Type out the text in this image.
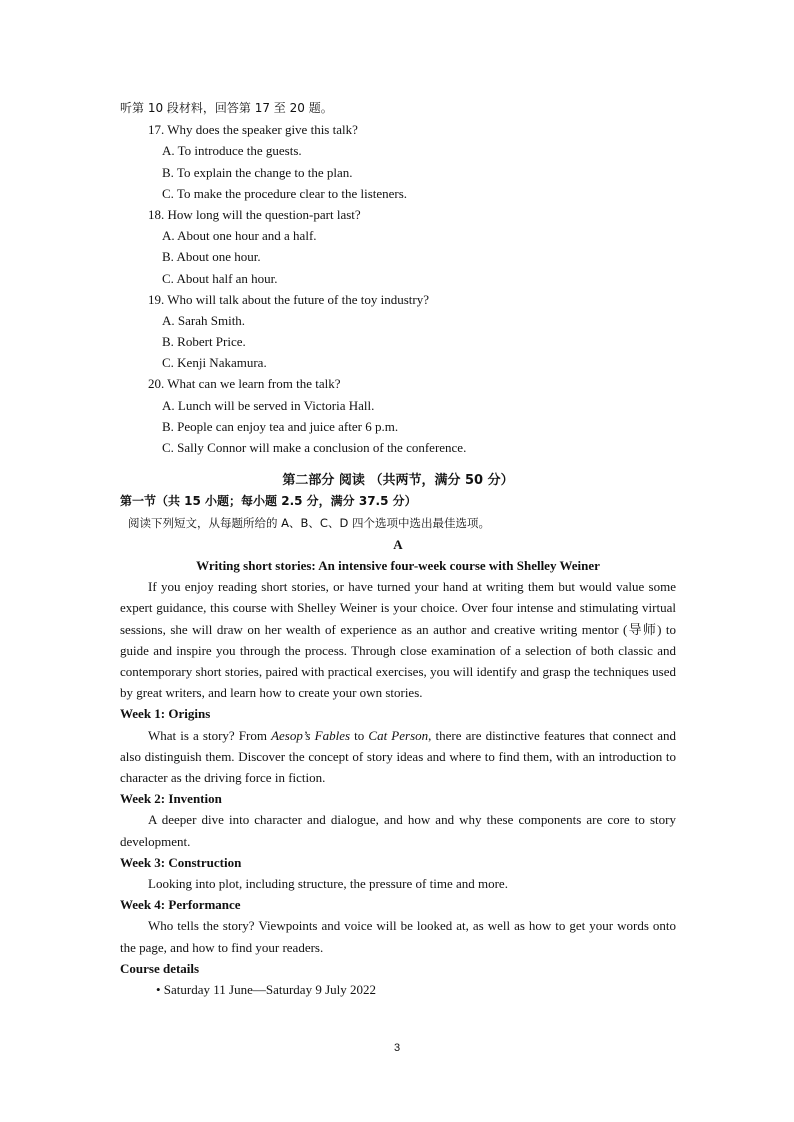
听第 10 段材料，回答第 17 至 20 题。
17. Why does the speaker give this talk?
A. To introduce the guests.
B. To explain the change to the plan.
C. To make the procedure clear to the listeners.
18. How long will the question-part last?
A. About one hour and a half.
B. About one hour.
C. About half an hour.
19. Who will talk about the future of the toy industry?
A. Sarah Smith.
B. Robert Price.
C. Kenji Nakamura.
20. What can we learn from the talk?
A. Lunch will be served in Victoria Hall.
B. People can enjoy tea and juice after 6 p.m.
C. Sally Connor will make a conclusion of the conference.
第二部分 阅读 （共两节，满分 50 分）
第一节（共 15 小题；每小题 2.5 分，满分 37.5 分）
阅读下列短文，从每题所给的 A、B、C、D 四个选项中选出最佳选项。
A
Writing short stories: An intensive four-week course with Shelley Weiner

If you enjoy reading short stories, or have turned your hand at writing them but would value some expert guidance, this course with Shelley Weiner is your choice. Over four intense and stimulating virtual sessions, she will draw on her wealth of experience as an author and creative writing mentor (导师) to guide and inspire you through the process. Through close examination of a selection of both classic and contemporary short stories, paired with practical exercises, you will identify and grasp the techniques used by great writers, and learn how to create your own stories.

Week 1: Origins

What is a story? From Aesop’s Fables to Cat Person, there are distinctive features that connect and also distinguish them. Discover the concept of story ideas and where to find them, with an introduction to character as the driving force in fiction.

Week 2: Invention

A deeper dive into character and dialogue, and how and why these components are core to story development.

Week 3: Construction

Looking into plot, including structure, the pressure of time and more.

Week 4: Performance

Who tells the story? Viewpoints and voice will be looked at, as well as how to get your words onto the page, and how to find your readers.

Course details
• Saturday 11 June—Saturday 9 July 2022
3
